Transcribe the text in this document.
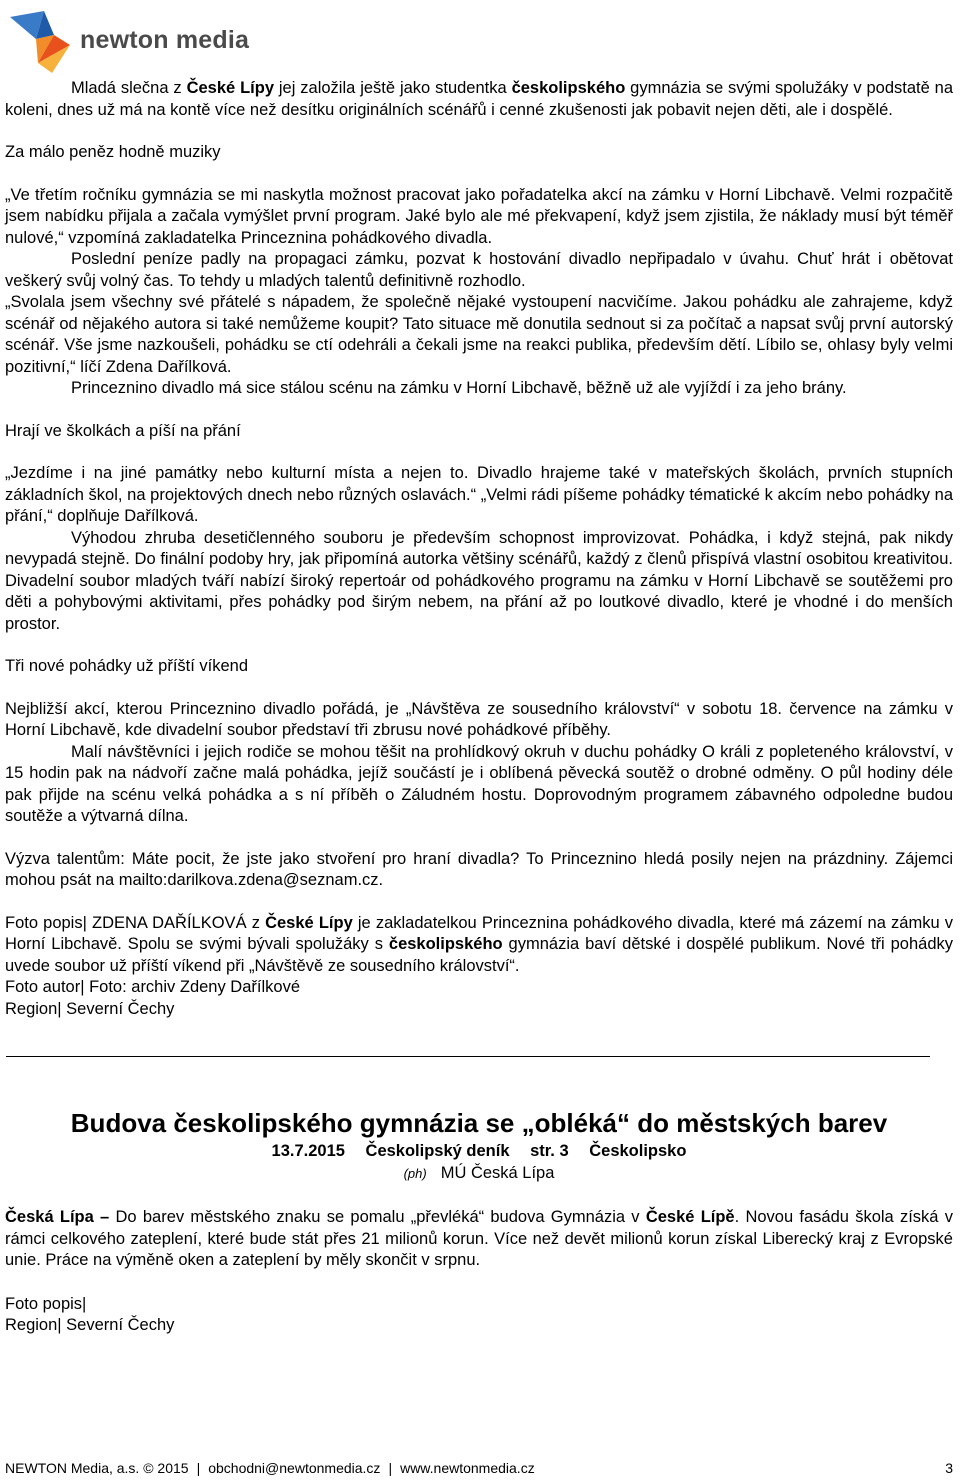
newton media

Mladá slečna z České Lípy jej založila ještě jako studentka českolipského gymnázia se svými spolužáky v podstatě na koleni, dnes už má na kontě více než desítku originálních scénářů i cenné zkušenosti jak pobavit nejen děti, ale i dospělé.

Za málo peněz hodně muziky

„Ve třetím ročníku gymnázia se mi naskytla možnost pracovat jako pořadatelka akcí na zámku v Horní Libchavě. Velmi rozpačitě jsem nabídku přijala a začala vymýšlet první program. Jaké bylo ale mé překvapení, když jsem zjistila, že náklady musí být téměř nulové,“ vzpomíná zakladatelka Princeznina pohádkového divadla.

Poslední peníze padly na propagaci zámku, pozvat k hostování divadlo nepřipadalo v úvahu. Chuť hrát i obětovat veškerý svůj volný čas. To tehdy u mladých talentů definitivně rozhodlo.

„Svolala jsem všechny své přátelé s nápadem, že společně nějaké vystoupení nacvičíme. Jakou pohádku ale zahrajeme, když scénář od nějakého autora si také nemůžeme koupit? Tato situace mě donutila sednout si za počítač a napsat svůj první autorský scénář. Vše jsme nazkoušeli, pohádku se ctí odehráli a čekali jsme na reakci publika, především dětí. Líbilo se, ohlasy byly velmi pozitivní,“ líčí Zdena Dařílková.

Princeznino divadlo má sice stálou scénu na zámku v Horní Libchavě, běžně už ale vyjíždí i za jeho brány.

Hrají ve školkách a píší na přání

„Jezdíme i na jiné památky nebo kulturní místa a nejen to. Divadlo hrajeme také v mateřských školách, prvních stupních základních škol, na projektových dnech nebo různých oslavách.“ „Velmi rádi píšeme pohádky tématické k akcím nebo pohádky na přání,“ doplňuje Dařílková.

Výhodou zhruba desetičlenného souboru je především schopnost improvizovat. Pohádka, i když stejná, pak nikdy nevypadá stejně. Do finální podoby hry, jak připomíná autorka většiny scénářů, každý z členů přispívá vlastní osobitou kreativitou. Divadelní soubor mladých tváří nabízí široký repertoár od pohádkového programu na zámku v Horní Libchavě se soutěžemi pro děti a pohybovými aktivitami, přes pohádky pod širým nebem, na přání až po loutkové divadlo, které je vhodné i do menších prostor.

Tři nové pohádky už příští víkend

Nejbližší akcí, kterou Princeznino divadlo pořádá, je „Návštěva ze sousedního království“ v sobotu 18. července na zámku v Horní Libchavě, kde divadelní soubor představí tři zbrusu nové pohádkové příběhy.

Malí návštěvníci i jejich rodiče se mohou těšit na prohlídkový okruh v duchu pohádky O králi z popleteného království, v 15 hodin pak na nádvoří začne malá pohádka, jejíž součástí je i oblíbená pěvecká soutěž o drobné odměny. O půl hodiny déle pak přijde na scénu velká pohádka a s ní příběh o Záludném hostu. Doprovodným programem zábavného odpoledne budou soutěže a výtvarná dílna.

Výzva talentům: Máte pocit, že jste jako stvoření pro hraní divadla? To Princeznino hledá posily nejen na prázdniny. Zájemci mohou psát na mailto:darilkova.zdena@seznam.cz.

Foto popis| ZDENA DAŘÍLKOVÁ z České Lípy je zakladatelkou Princeznina pohádkového divadla, které má zázemí na zámku v Horní Libchavě. Spolu se svými bývali spolužáky s českolipského gymnázia baví dětské i dospělé publikum. Nové tři pohádky uvede soubor už příští víkend při „Návštěvě ze sousedního království“.

Foto autor| Foto: archiv Zdeny Dařílkové

Region| Severní Čechy

Budova českolipského gymnázia se „obléká“ do městských barev

13.7.2015 Českolipský deník str. 3 Českolipsko

(ph) MÚ Česká Lípa

Česká Lípa – Do barev městského znaku se pomalu „převléká“ budova Gymnázia v České Lípě. Novou fasádu škola získá v rámci celkového zateplení, které bude stát přes 21 milionů korun. Více než devět milionů korun získal Liberecký kraj z Evropské unie. Práce na výměně oken a zateplení by měly skončit v srpnu.

Foto popis|

Region| Severní Čechy

NEWTON Media, a.s. © 2015 | obchodni@newtonmedia.cz | www.newtonmedia.cz	3
